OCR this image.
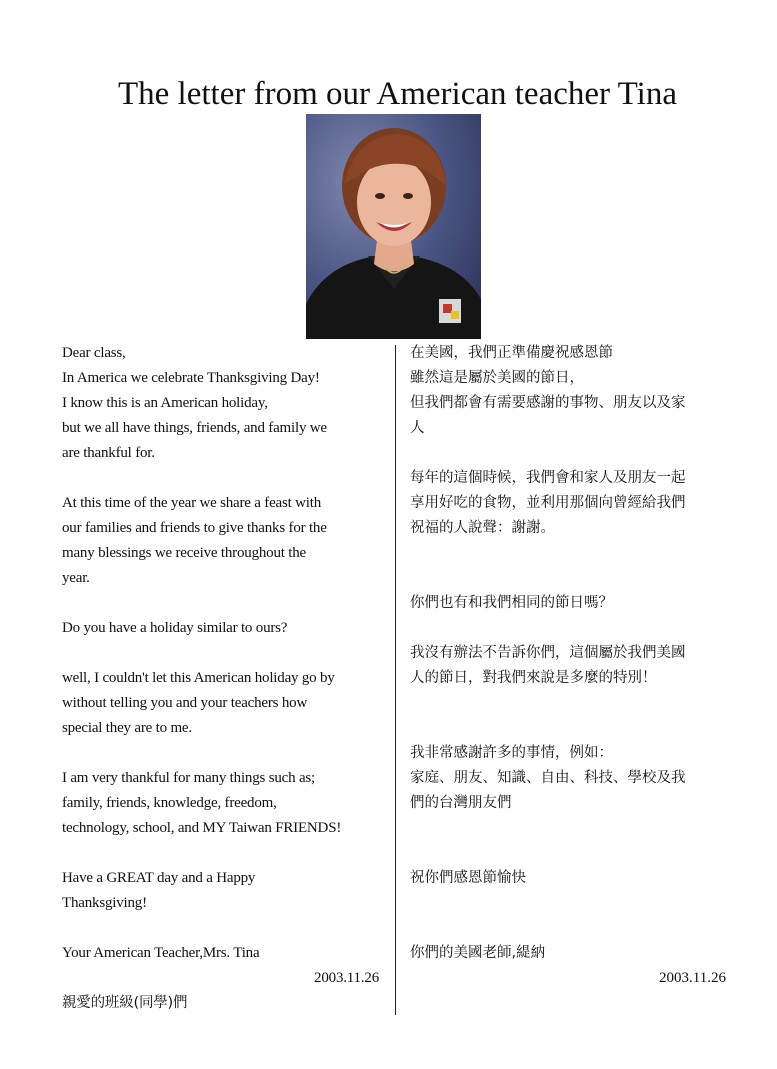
The letter from our American teacher Tina
Dear class,
In America we celebrate Thanksgiving Day!
I know this is an American holiday,
but we all have things, friends, and family we
are thankful for.
At this time of the year we share a feast with
our families and friends to give thanks for the
many blessings we receive throughout the
year.
Do you have a holiday similar to ours?
well, I couldn't let this American holiday go by
without telling you and your teachers how
special they are to me.
I am very thankful for many things such as;
family, friends, knowledge, freedom,
technology, school, and MY Taiwan FRIENDS!
Have a GREAT day and a Happy
Thanksgiving!
Your American Teacher,Mrs. Tina
2003.11.26
親愛的班級(同學)們
在美國，我們正準備慶祝感恩節
雖然這是屬於美國的節日，
但我們都會有需要感謝的事物、朋友以及家
人
每年的這個時候，我們會和家人及朋友一起
享用好吃的食物，並利用那個向曾經給我們
祝福的人說聲：謝謝。
你們也有和我們相同的節日嗎？
我沒有辦法不告訴你們，這個屬於我們美國
人的節日，對我們來說是多麼的特別！
我非常感謝許多的事情，例如：
家庭、朋友、知識、自由、科技、學校及我
們的台灣朋友們
祝你們感恩節愉快
你們的美國老師,緹納
2003.11.26
